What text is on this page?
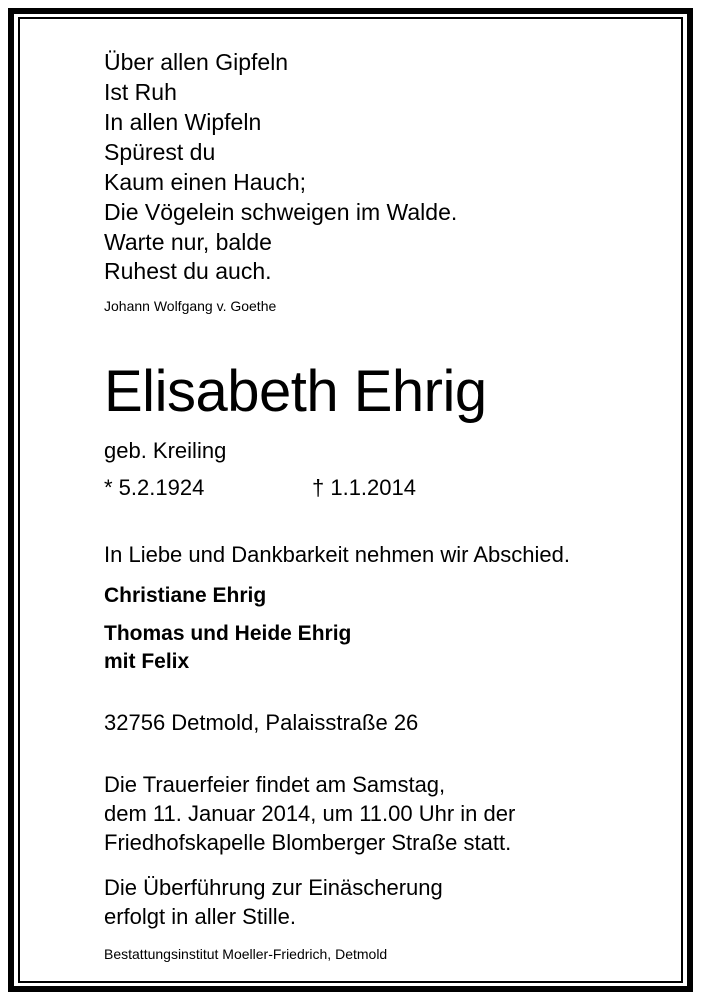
Über allen Gipfeln
Ist Ruh
In allen Wipfeln
Spürest du
Kaum einen Hauch;
Die Vögelein schweigen im Walde.
Warte nur, balde
Ruhest du auch.
Johann Wolfgang v. Goethe
Elisabeth Ehrig
geb. Kreiling
* 5.2.1924	† 1.1.2014
In Liebe und Dankbarkeit nehmen wir Abschied.
Christiane Ehrig
Thomas und Heide Ehrig
mit Felix
32756 Detmold, Palaisstraße 26
Die Trauerfeier findet am Samstag,
dem 11. Januar 2014, um 11.00 Uhr in der
Friedhofskapelle Blomberger Straße statt.
Die Überführung zur Einäscherung
erfolgt in aller Stille.
Bestattungsinstitut Moeller-Friedrich, Detmold
